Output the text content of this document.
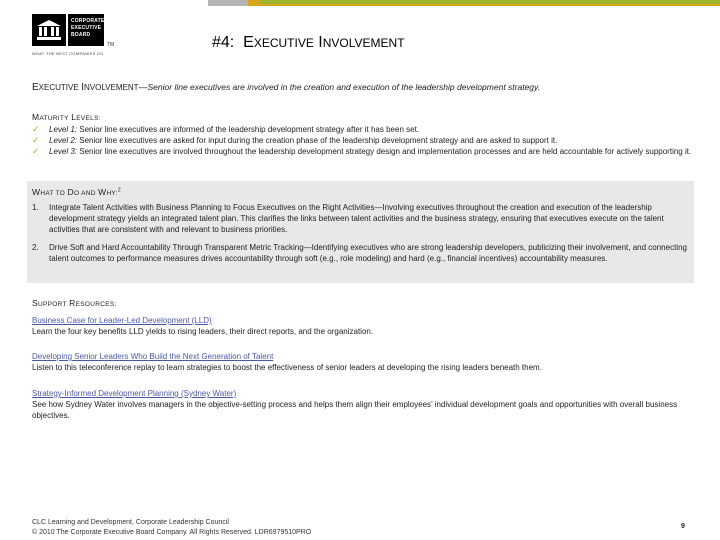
CORPORATE
EXECUTIVE
BOARD
TM
WHAT THE BEST COMPANIES DO
#4: EXECUTIVE INVOLVEMENT
EXECUTIVE INVOLVEMENT—Senior line executives are involved in the creation and execution of the leadership development strategy.
MATURITY LEVELS:
✓ Level 1: Senior line executives are informed of the leadership development strategy after it has been set.
✓ Level 2: Senior line executives are asked for input during the creation phase of the leadership development strategy and are asked to support it.
✓ Level 3: Senior line executives are involved throughout the leadership development strategy design and implementation processes and are held accountable for actively supporting it.
WHAT TO DO AND WHY:$^2$
1. Integrate Talent Activities with Business Planning to Focus Executives on the Right Activities—Involving executives throughout the creation and execution of the leadership development strategy yields an integrated talent plan. This clarifies the links between talent activities and the business strategy, ensuring that executives execute on the talent activities that are consistent with and relevant to business priorities.
2. Drive Soft and Hard Accountability Through Transparent Metric Tracking—Identifying executives who are strong leadership developers, publicizing their involvement, and connecting talent outcomes to performance measures drives accountability through soft (e.g., role modeling) and hard (e.g., financial incentives) accountability measures.
SUPPORT RESOURCES:
Business Case for Leader-Led Development (LLD)
Learn the four key benefits LLD yields to rising leaders, their direct reports, and the organization.
Developing Senior Leaders Who Build the Next Generation of Talent
Listen to this teleconference replay to learn strategies to boost the effectiveness of senior leaders at developing the rising leaders beneath them.
Strategy-Informed Development Planning (Sydney Water)
See how Sydney Water involves managers in the objective-setting process and helps them align their employees’ individual development goals and opportunities with overall business objectives.
CLC Learning and Development, Corporate Leadership Council
© 2010 The Corporate Executive Board Company. All Rights Reserved. LDR6979510PRO
9
